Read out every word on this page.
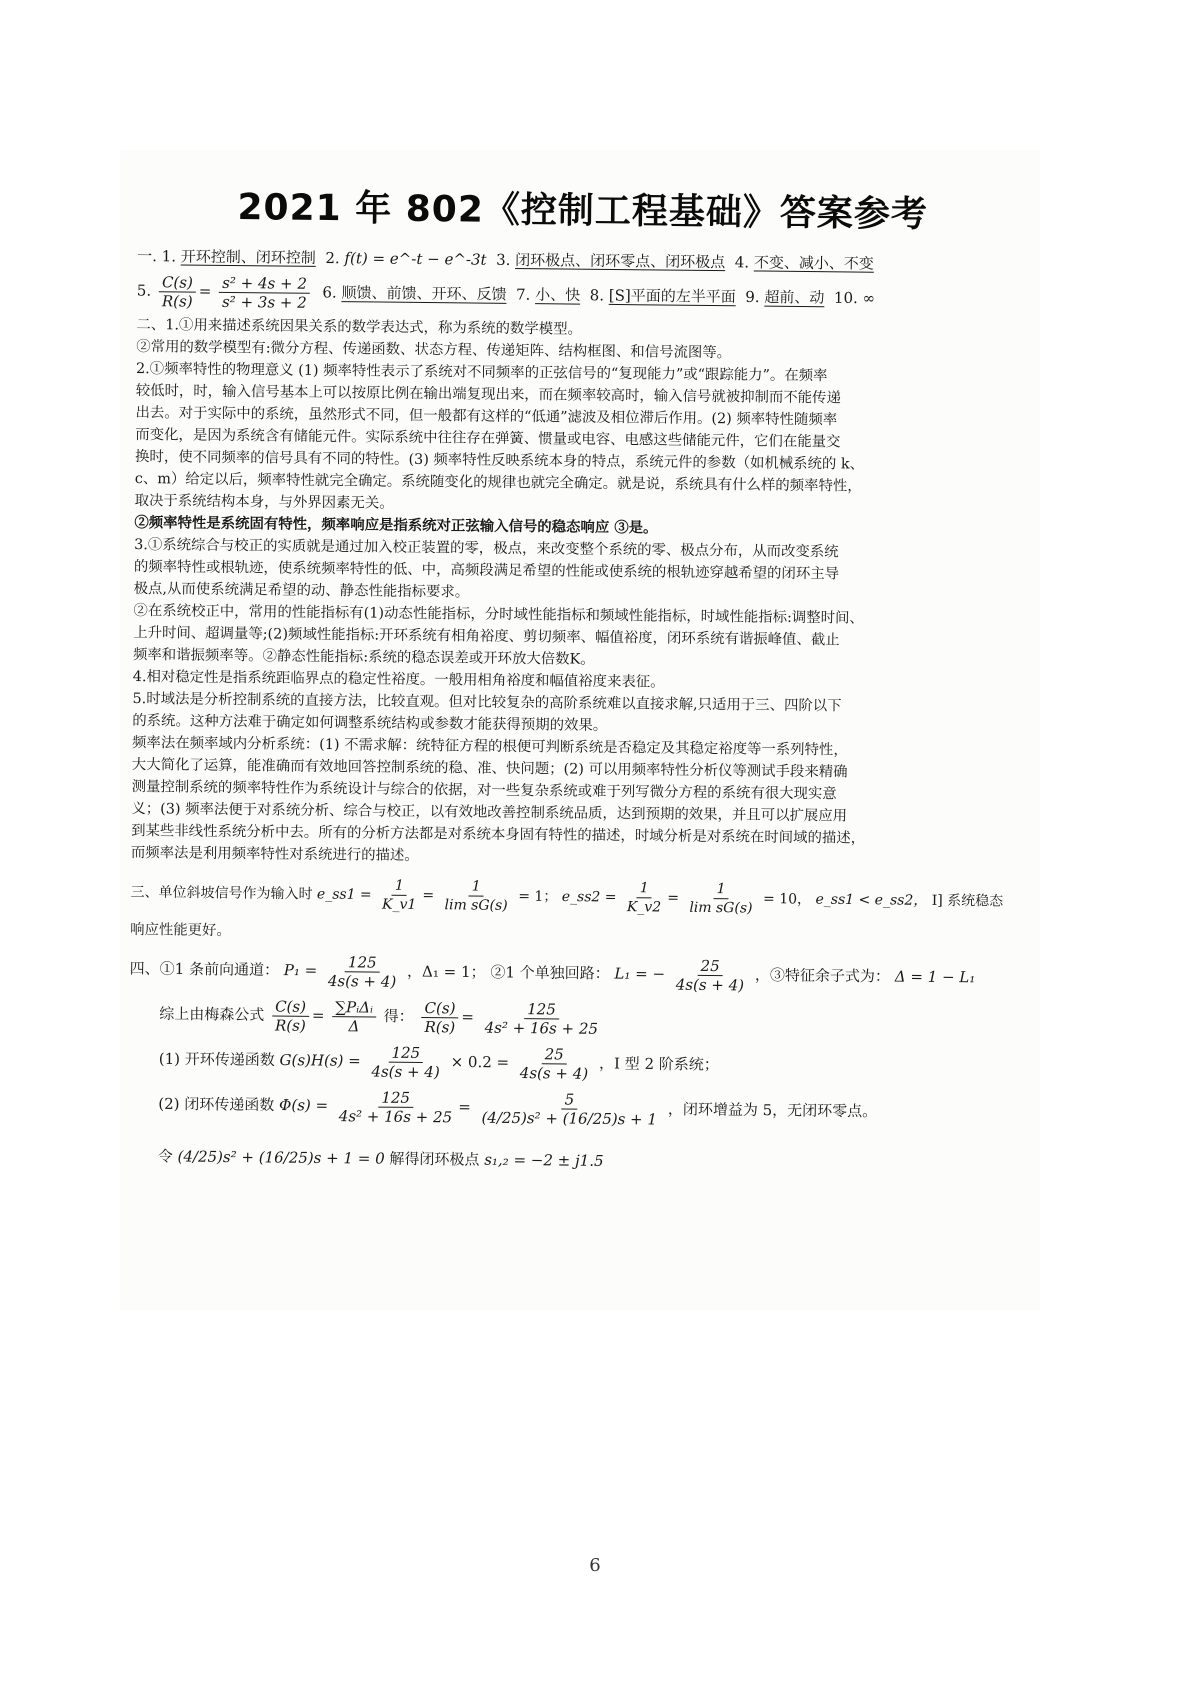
2021 年 802《控制工程基础》答案参考
一. 1. 开环控制、闭环控制 2. f(t) = e^-t − e^-3t 3. 闭环极点、闭环零点、闭环极点 4. 不变、减小、不变
5. $\frac{C(s)}{R(s)} = \frac{\text{s² + 4s + 2}}{\text{s² + 3s + 2}} 6$. 顺馈、前馈、开环、反馈 7. 小、快 8. [S]平面的左半平面 9. 超前、动 10. ∞
二、1.①用来描述系统因果关系的数学表达式，称为系统的数学模型。
②常用的数学模型有:微分方程、传递函数、状态方程、传递矩阵、结构框图、和信号流图等。
2.①频率特性的物理意义 (1) 频率特性表示了系统对不同频率的正弦信号的“复现能力”或“跟踪能力”。在频率
较低时，时，输入信号基本上可以按原比例在输出端复现出来，而在频率较高时，输入信号就被抑制而不能传递
出去。对于实际中的系统，虽然形式不同，但一般都有这样的“低通”滤波及相位滞后作用。(2) 频率特性随频率
而变化，是因为系统含有储能元件。实际系统中往往存在弹簧、惯量或电容、电感这些储能元件，它们在能量交
换时，使不同频率的信号具有不同的特性。(3) 频率特性反映系统本身的特点，系统元件的参数（如机械系统的 k、
c、m）给定以后，频率特性就完全确定。系统随变化的规律也就完全确定。就是说，系统具有什么样的频率特性，
取决于系统结构本身，与外界因素无关。
②频率特性是系统固有特性，频率响应是指系统对正弦输入信号的稳态响应 ③是。
3.①系统综合与校正的实质就是通过加入校正装置的零，极点，来改变整个系统的零、极点分布，从而改变系统
的频率特性或根轨迹，使系统频率特性的低、中，高频段满足希望的性能或使系统的根轨迹穿越希望的闭环主导
极点,从而使系统满足希望的动、静态性能指标要求。
②在系统校正中，常用的性能指标有(1)动态性能指标，分时域性能指标和频域性能指标，时域性能指标:调整时间、
上升时间、超调量等;(2)频域性能指标:开环系统有相角裕度、剪切频率、幅值裕度，闭环系统有谐振峰值、截止
频率和谐振频率等。②静态性能指标:系统的稳态误差或开环放大倍数K。
4.相对稳定性是指系统距临界点的稳定性裕度。一般用相角裕度和幅值裕度来表征。
5.时域法是分析控制系统的直接方法，比较直观。但对比较复杂的高阶系统难以直接求解,只适用于三、四阶以下
的系统。这种方法难于确定如何调整系统结构或参数才能获得预期的效果。
频率法在频率域内分析系统：(1) 不需求解：统特征方程的根便可判断系统是否稳定及其稳定裕度等一系列特性，
大大简化了运算，能准确而有效地回答控制系统的稳、准、快问题；(2) 可以用频率特性分析仪等测试手段来精确
测量控制系统的频率特性作为系统设计与综合的依据，对一些复杂系统或难于列写微分方程的系统有很大现实意
义；(3) 频率法便于对系统分析、综合与校正，以有效地改善控制系统品质，达到预期的效果，并且可以扩展应用
到某些非线性系统分析中去。所有的分析方法都是对系统本身固有特性的描述，时域分析是对系统在时间域的描述，
而频率法是利用频率特性对系统进行的描述。
三、单位斜坡信号作为输入时 e_ss1 = $\frac{1}{K\_v1} = \frac{1}{\text{lim sG(s)}} = 1$； e_ss2 = $\frac{1}{K\_v2} = \frac{1}{\text{lim sG(s)}} = 10$， e_ss1 < e_ss2， I] 系统稳态
响应性能更好。
四、①1 条前向通道： $P_1 = \frac{125}{4s(s + 4)}$ ，Δ₁ = 1； ②1 个单独回路： L₁ = − $\frac{25}{4s(s + 4)}$ ，③特征余子式为： Δ = 1 − L₁
综上由梅森公式 $\frac{C(s)}{R(s)} = \frac{\text{∑PᵢΔᵢ}}{\Delta}$ 得： $\frac{C(s)}{R(s)} = \frac{125}{\text{4s² + 16s + 25}}$
(1) 开环传递函数 $G(s)H(s) = \frac{125}{4s(s + 4)} \times 0.2 = \frac{25}{4s(s + 4)}$ ，I 型 2 阶系统；
(2) 闭环传递函数 $\Phi(s) = \frac{125}{\text{4s² + 16s + 25}} = \frac{5}{\text{(4/25)s² + (16/25)s + 1}}$ ，闭环增益为 5，无闭环零点。
令 (4/25)s² + (16/25)s + 1 = 0 解得闭环极点 s₁,₂ = −2 ± j1.5
6
